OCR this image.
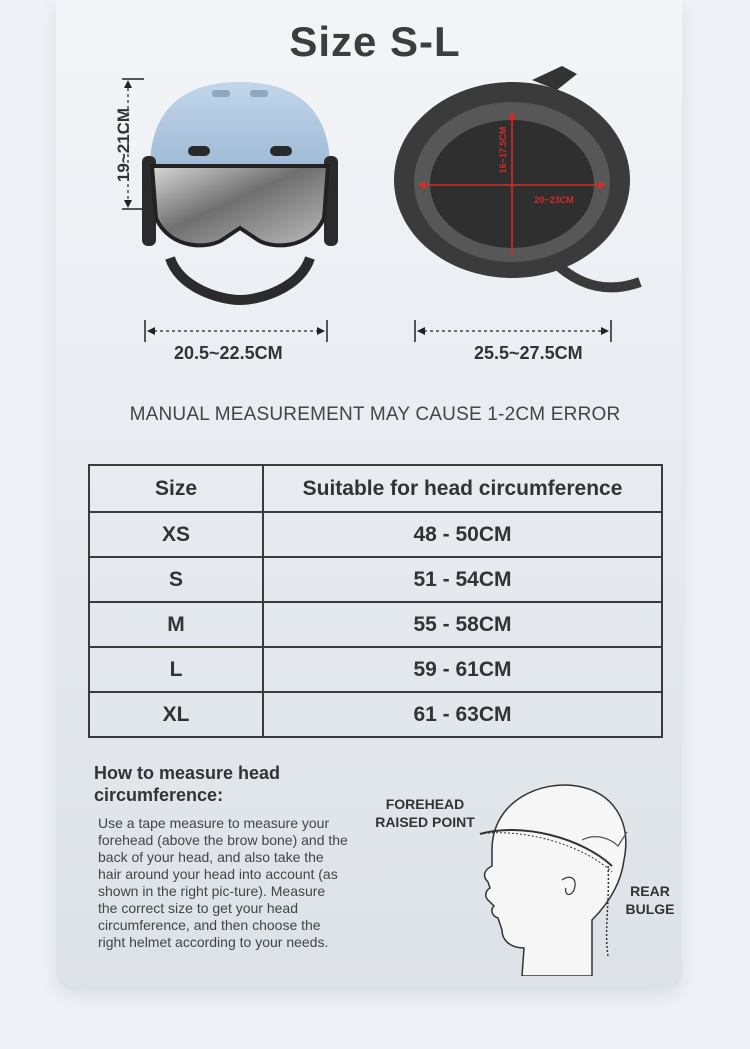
Size S-L
19~21CM	16~17.5CM
20~23CM
20.5~22.5CM	25.5~27.5CM
MANUAL MEASUREMENT MAY CAUSE 1-2CM ERROR
Size	Suitable for head circumference
XS	48 - 50CM
S	51 - 54CM
M	55 - 58CM
L	59 - 61CM
XL	61 - 63CM
How to measure head circumference:
Use a tape measure to measure your forehead (above the brow bone) and the back of your head, and also take the hair around your head into account (as shown in the right pic-ture). Measure the correct size to get your head circumference, and then choose the right helmet according to your needs.
FOREHEAD RAISED POINT
REAR BULGE
